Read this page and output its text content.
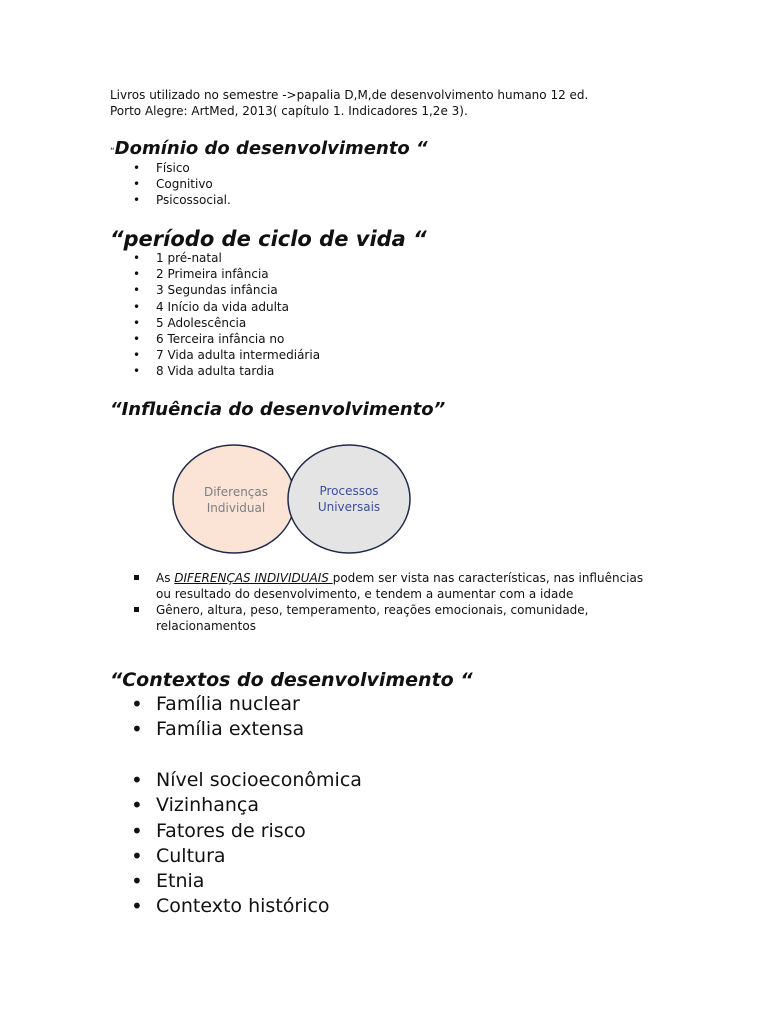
Livros utilizado no semestre ->papalia D,M,de desenvolvimento humano 12 ed.
Porto Alegre: ArtMed, 2013( capítulo 1. Indicadores 1,2e 3).
“Domínio do desenvolvimento “
• Físico
• Cognitivo
• Psicossocial.
“período de ciclo de vida “
• 1 pré-natal
• 2 Primeira infância
• 3 Segundas infância
• 4 Início da vida adulta
• 5 Adolescência
• 6 Terceira infância no
• 7 Vida adulta intermediária
• 8 Vida adulta tardia
“Influência do desenvolvimento”
Diferenças
Individual
Processos
Universais
As DIFERENÇAS INDIVIDUAIS podem ser vista nas características, nas influências ou resultado do desenvolvimento, e tendem a aumentar com a idade
Gênero, altura, peso, temperamento, reações emocionais, comunidade, relacionamentos
“Contextos do desenvolvimento “
• Família nuclear
• Família extensa
• Nível socioeconômica
• Vizinhança
• Fatores de risco
• Cultura
• Etnia
• Contexto histórico
